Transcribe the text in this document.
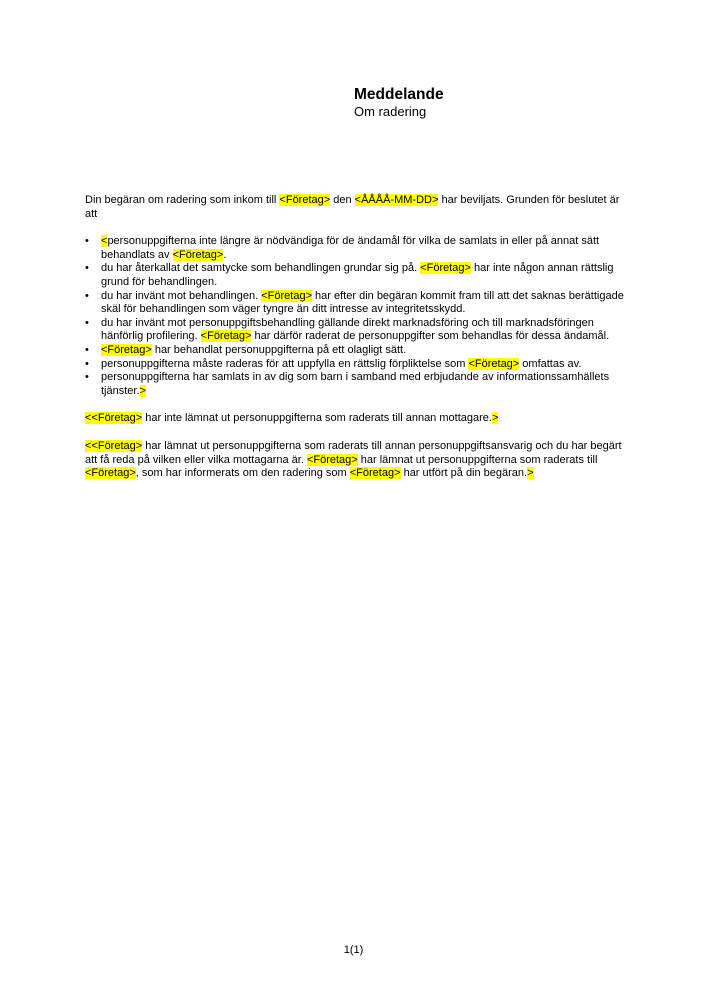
Meddelande
Om radering

Din begäran om radering som inkom till <Företag> den <ÅÅÅÅ-MM-DD> har beviljats. Grunden för beslutet är att

• <personuppgifterna inte längre är nödvändiga för de ändamål för vilka de samlats in eller på annat sätt behandlats av <Företag>.
• du har återkallat det samtycke som behandlingen grundar sig på. <Företag> har inte någon annan rättslig grund för behandlingen.
• du har invänt mot behandlingen. <Företag> har efter din begäran kommit fram till att det saknas berättigade skäl för behandlingen som väger tyngre än ditt intresse av integritetsskydd.
• du har invänt mot personuppgiftsbehandling gällande direkt marknadsföring och till marknadsföringen hänförlig profilering. <Företag> har därför raderat de personuppgifter som behandlas för dessa ändamål.
• <Företag> har behandlat personuppgifterna på ett olagligt sätt.
• personuppgifterna måste raderas för att uppfylla en rättslig förpliktelse som <Företag> omfattas av.
• personuppgifterna har samlats in av dig som barn i samband med erbjudande av informationssamhällets tjänster.>

<<Företag> har inte lämnat ut personuppgifterna som raderats till annan mottagare.>

<<Företag> har lämnat ut personuppgifterna som raderats till annan personuppgiftsansvarig och du har begärt att få reda på vilken eller vilka mottagarna är. <Företag> har lämnat ut personuppgifterna som raderats till <Företag>, som har informerats om den radering som <Företag> har utfört på din begäran.>

1(1)
